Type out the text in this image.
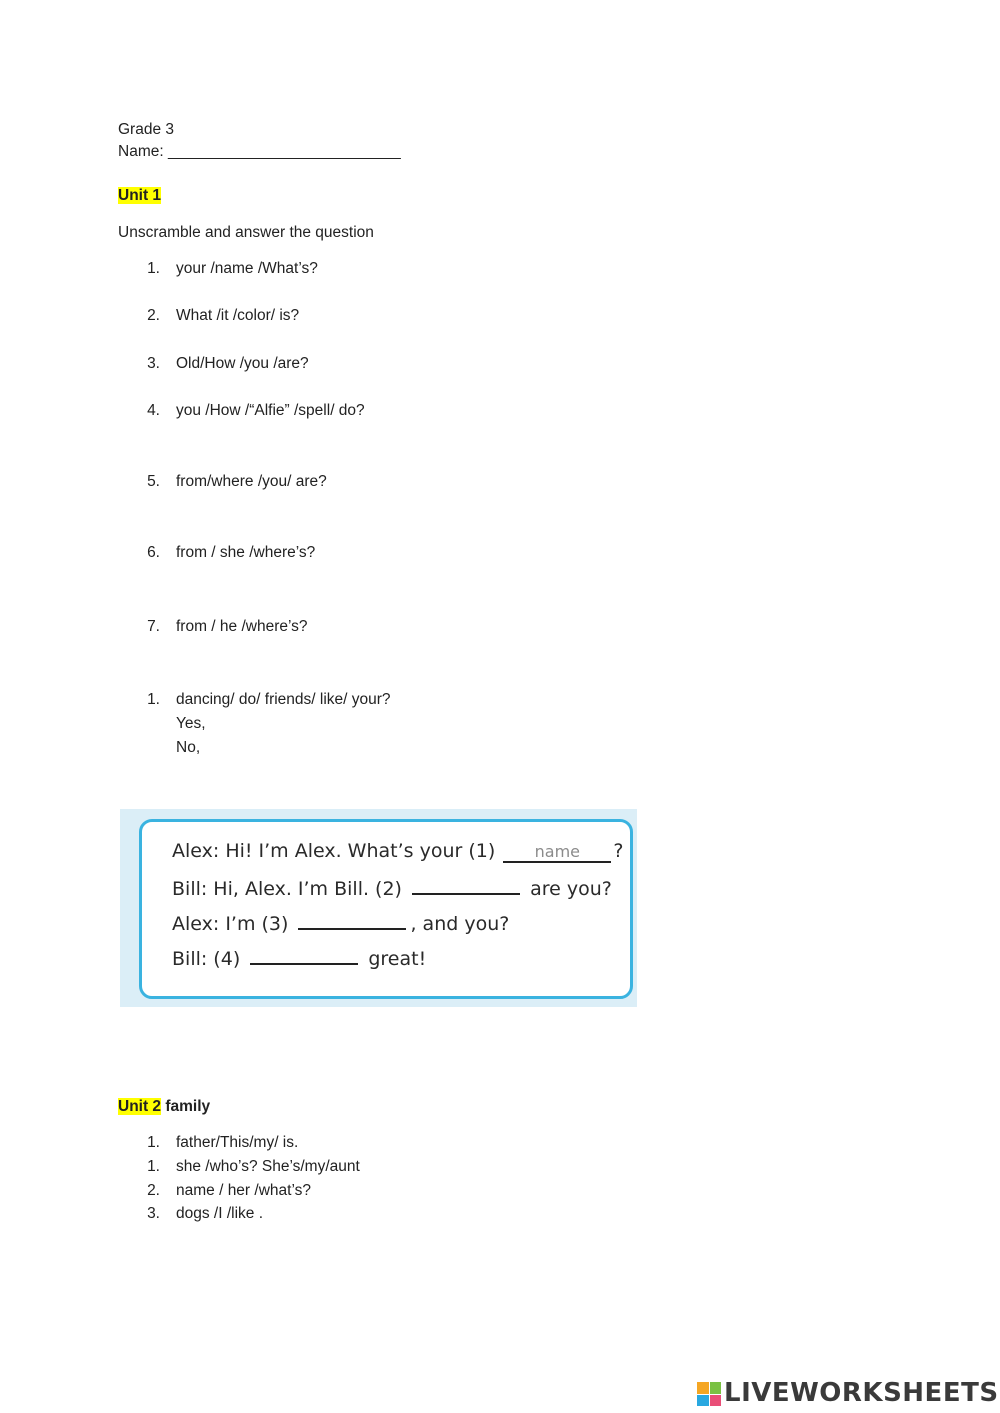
Grade 3
Name: ___________________________
Unit 1
Unscramble and answer the question
1. your /name /What’s?
2. What /it /color/ is?
3. Old/How /you /are?
4. you /How /“Alfie” /spell/ do?
5. from/where /you/ are?
6. from / she /where’s?
7. from / he /where’s?
1. dancing/ do/ friends/ like/ your?
Yes,
No,
Alex: Hi! I’m Alex. What’s your (1) name ?
Bill: Hi, Alex. I’m Bill. (2)	are you?
Alex: I’m (3)	, and you?
Bill: (4)	great!
Unit 2 family
1. father/This/my/ is.
1. she /who’s? She’s/my/aunt
2. name / her /what’s?
3. dogs /I /like .
LIVEWORKSHEETS
